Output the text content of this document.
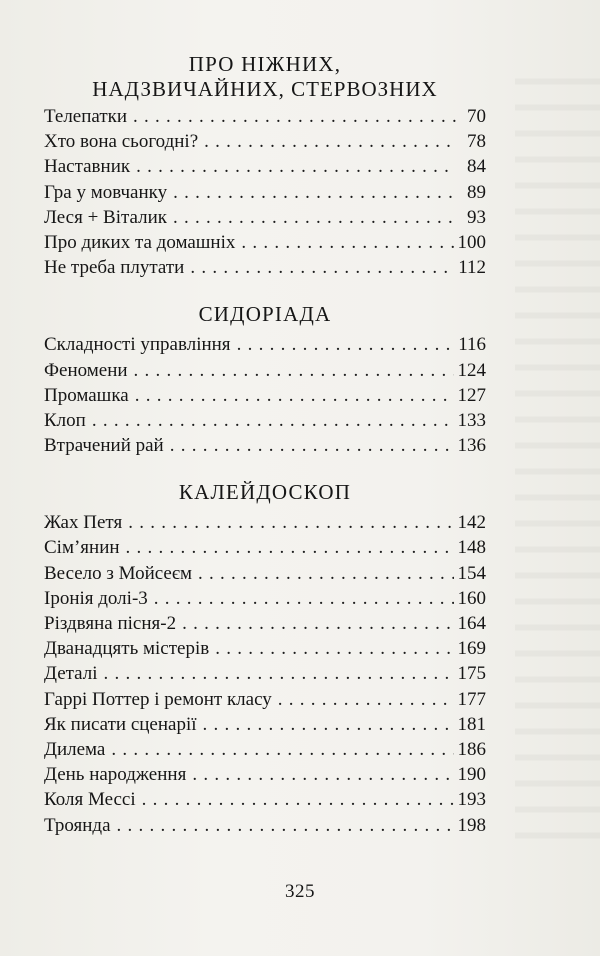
ПРО НІЖНИХ,
НАДЗВИЧАЙНИХ, СТЕРВОЗНИХ
Телепатки . . .	70
Хто вона сьогодні? . . .	78
Наставник . . .	84
Гра у мовчанку . . .	89
Леся + Віталик . . .	93
Про диких та домашніх . . .	100
Не треба плутати . . .	112
СИДОРІАДА
Складності управління . . .	116
Феномени . . .	124
Промашка . . .	127
Клоп . . .	133
Втрачений рай . . .	136
КАЛЕЙДОСКОП
Жах Петя . . .	142
Сім’янин . . .	148
Весело з Мойсеєм . . .	154
Іронія долі-3 . . .	160
Різдвяна пісня-2 . . .	164
Дванадцять містерів . . .	169
Деталі . . .	175
Гаррі Поттер і ремонт класу . . .	177
Як писати сценарії . . .	181
Дилема . . .	186
День народження . . .	190
Коля Мессі . . .	193
Троянда . . .	198
325
